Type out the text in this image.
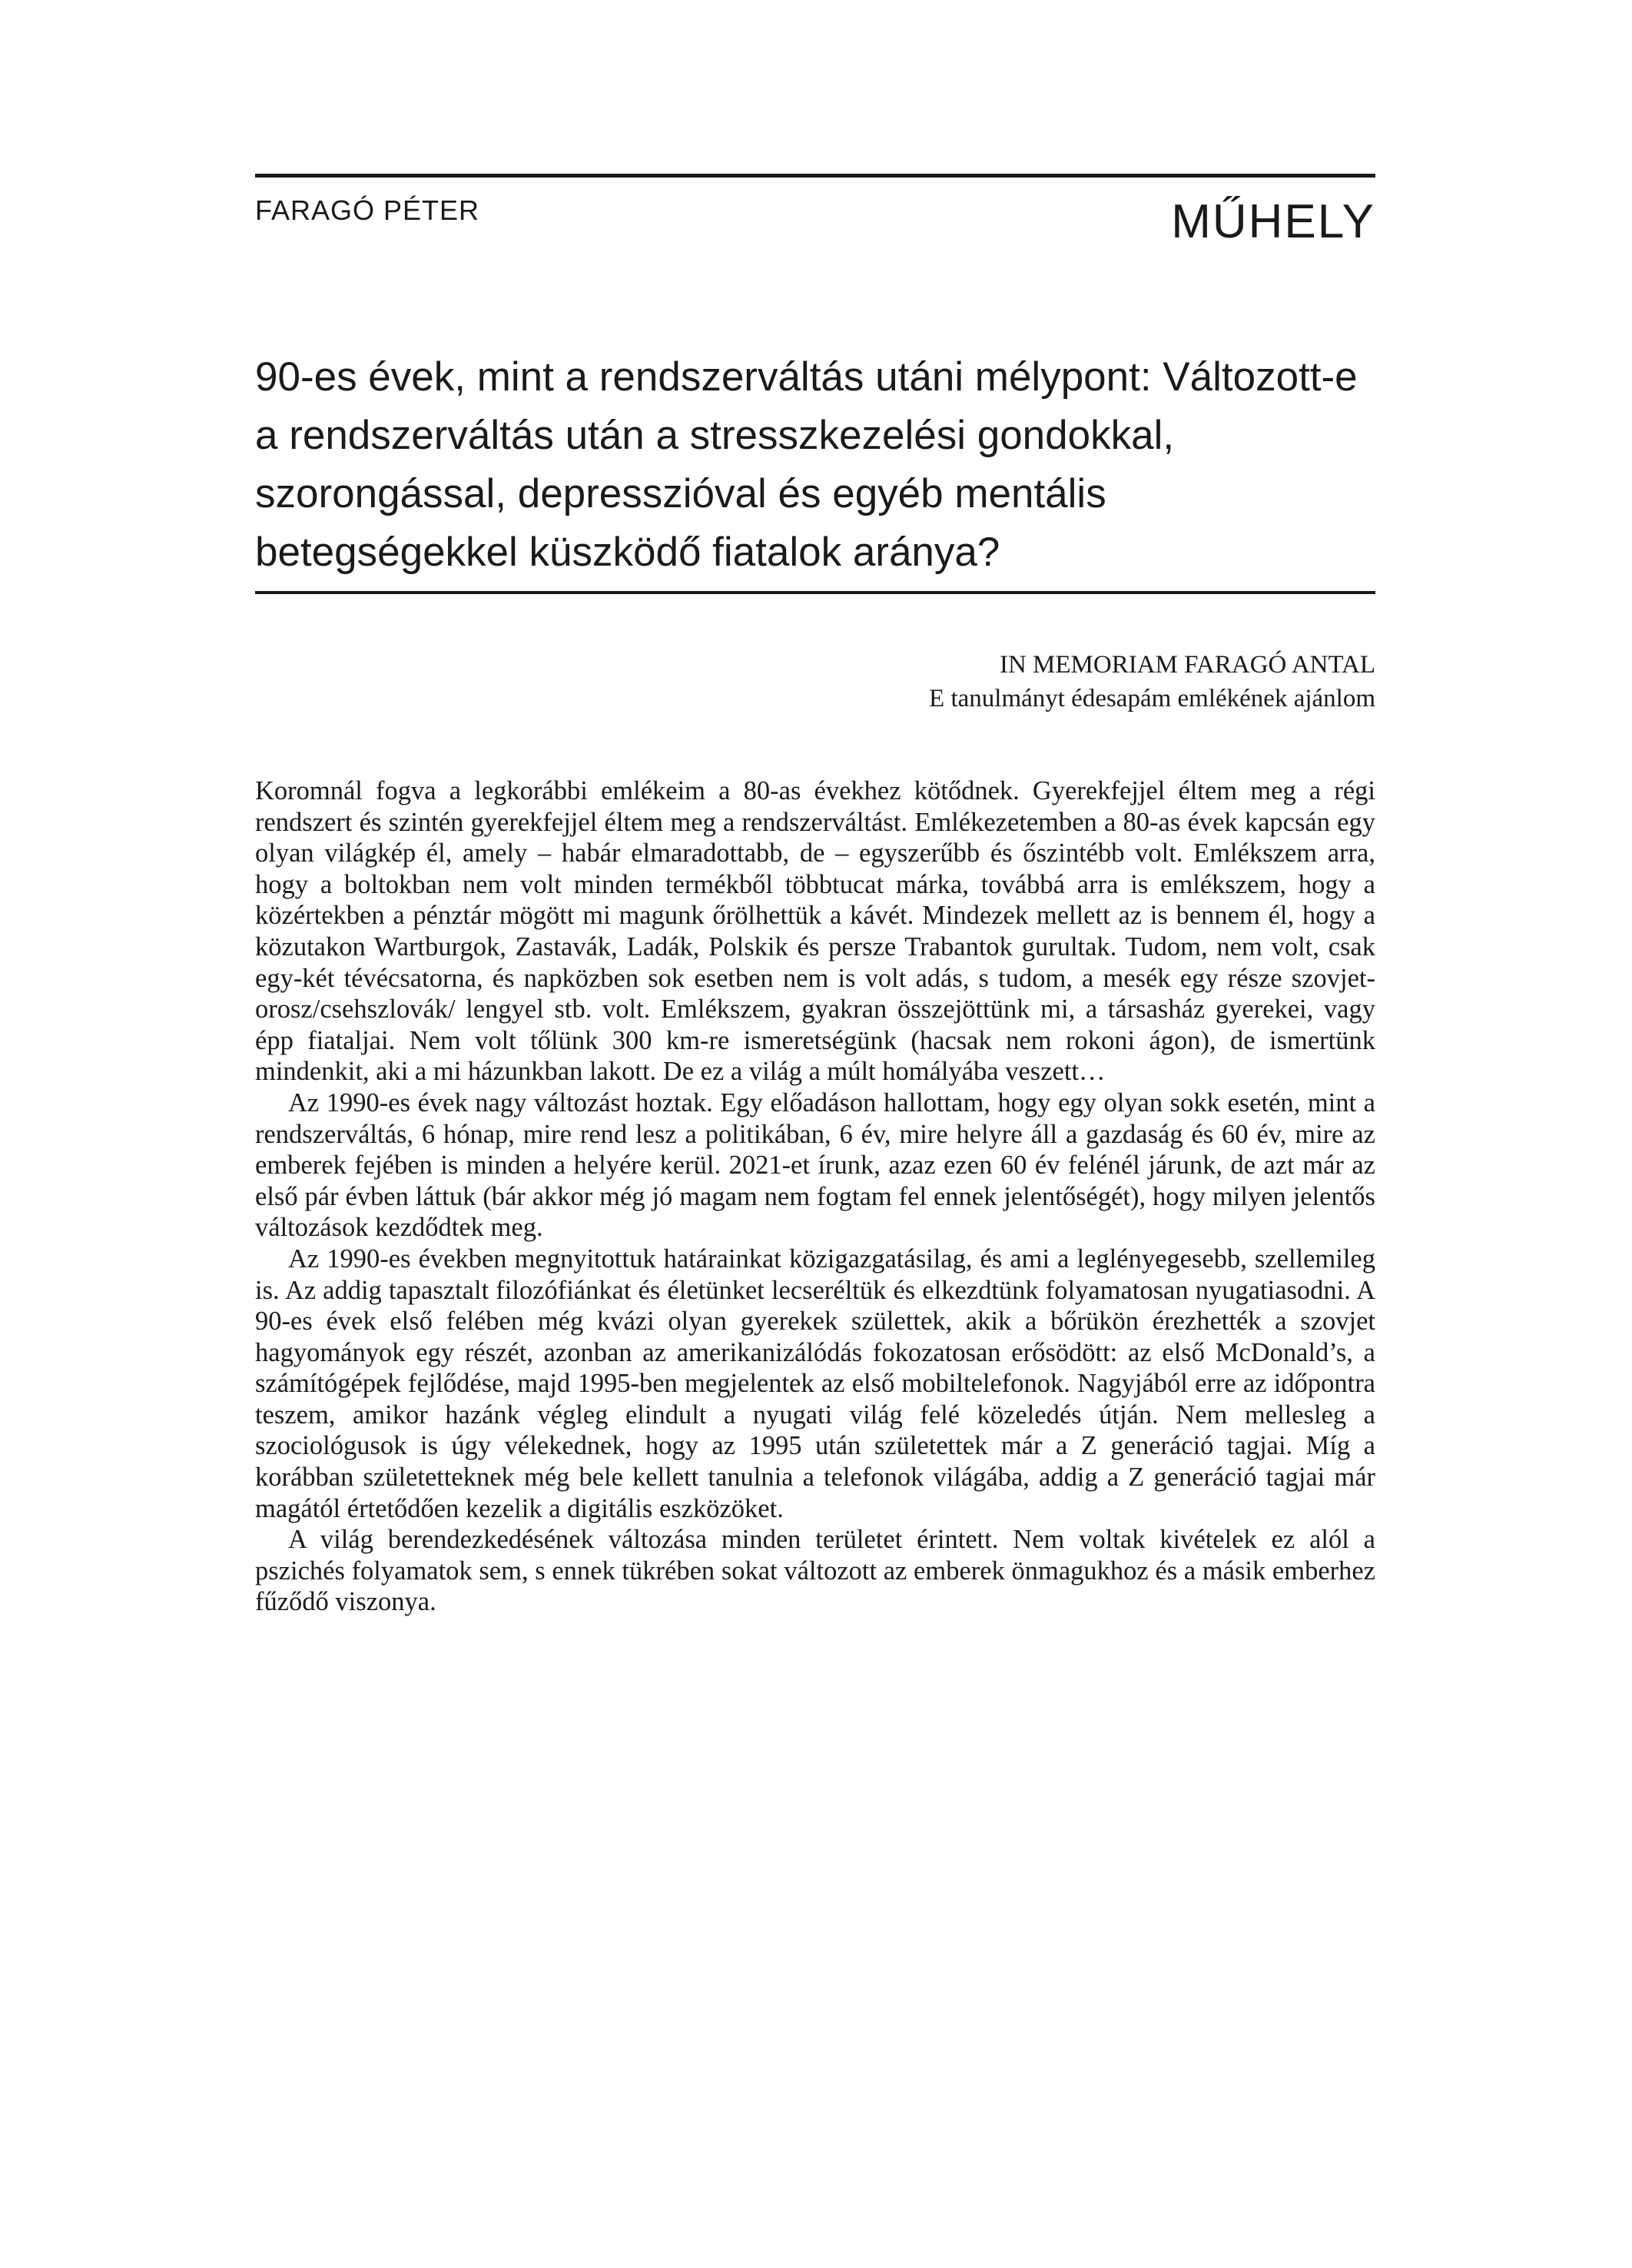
FARAGÓ PÉTER	MŰHELY
90-es évek, mint a rendszerváltás utáni mélypont: Változott-e a rendszerváltás után a stresszkezelési gondokkal, szorongással, depresszióval és egyéb mentális betegségekkel küszködő fiatalok aránya?
IN MEMORIAM FARAGÓ ANTAL
E tanulmányt édesapám emlékének ajánlom

Koromnál fogva a legkorábbi emlékeim a 80-as évekhez kötődnek. Gyerekfejjel éltem meg a régi rendszert és szintén gyerekfejjel éltem meg a rendszerváltást. Emlékezetemben a 80-as évek kapcsán egy olyan világkép él, amely – habár elmaradottabb, de – egyszerűbb és őszintébb volt. Emlékszem arra, hogy a boltokban nem volt minden termékből többtucat márka, továbbá arra is emlékszem, hogy a közértekben a pénztár mögött mi magunk őrölhettük a kávét. Mindezek mellett az is bennem él, hogy a közutakon Wartburgok, Zastavák, Ladák, Polskik és persze Trabantok gurultak. Tudom, nem volt, csak egy-két tévécsatorna, és napközben sok esetben nem is volt adás, s tudom, a mesék egy része szovjet-orosz/csehszlovák/ lengyel stb. volt. Emlékszem, gyakran összejöttünk mi, a társasház gyerekei, vagy épp fiataljai. Nem volt tőlünk 300 km-re ismeretségünk (hacsak nem rokoni ágon), de ismertünk mindenkit, aki a mi házunkban lakott. De ez a világ a múlt homályába veszett…

Az 1990-es évek nagy változást hoztak. Egy előadáson hallottam, hogy egy olyan sokk esetén, mint a rendszerváltás, 6 hónap, mire rend lesz a politikában, 6 év, mire helyre áll a gazdaság és 60 év, mire az emberek fejében is minden a helyére kerül. 2021-et írunk, azaz ezen 60 év felénél járunk, de azt már az első pár évben láttuk (bár akkor még jó magam nem fogtam fel ennek jelentőségét), hogy milyen jelentős változások kezdődtek meg.

Az 1990-es években megnyitottuk határainkat közigazgatásilag, és ami a leglényegesebb, szellemileg is. Az addig tapasztalt filozófiánkat és életünket lecseréltük és elkezdtünk folyamatosan nyugatiasodni. A 90-es évek első felében még kvázi olyan gyerekek születtek, akik a bőrükön érezhették a szovjet hagyományok egy részét, azonban az amerikanizálódás fokozatosan erősödött: az első McDonald’s, a számítógépek fejlődése, majd 1995-ben megjelentek az első mobiltelefonok. Nagyjából erre az időpontra teszem, amikor hazánk végleg elindult a nyugati világ felé közeledés útján. Nem mellesleg a szociológusok is úgy vélekednek, hogy az 1995 után születettek már a Z generáció tagjai. Míg a korábban születetteknek még bele kellett tanulnia a telefonok világába, addig a Z generáció tagjai már magától értetődően kezelik a digitális eszközöket.

A világ berendezkedésének változása minden területet érintett. Nem voltak kivételek ez alól a pszichés folyamatok sem, s ennek tükrében sokat változott az emberek önmagukhoz és a másik emberhez fűződő viszonya.
